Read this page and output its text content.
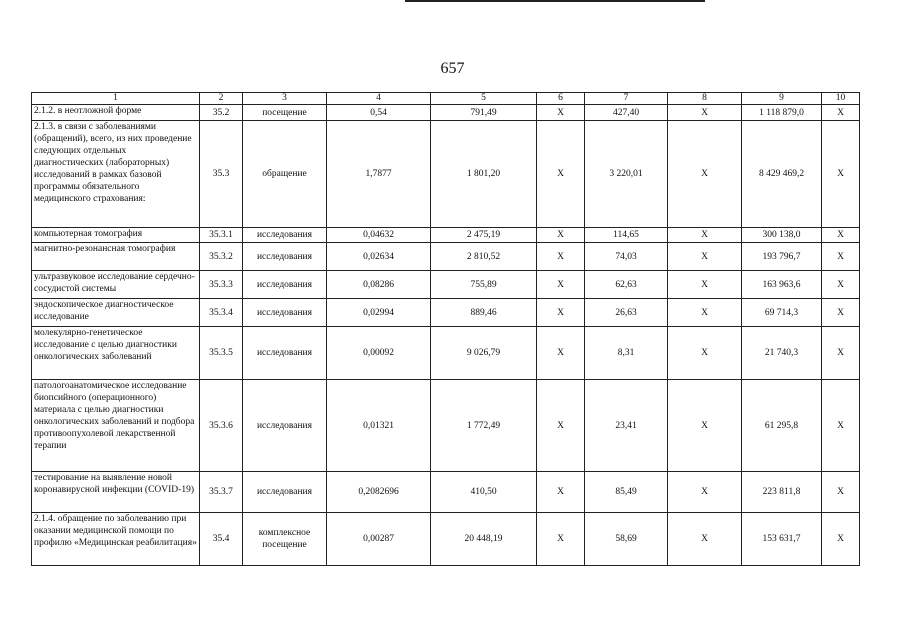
657
1	2	3	4	5	6	7	8	9	10
2.1.2. в неотложной форме	35.2	посещение	0,54	791,49	X	427,40	X	1 118 879,0	X
2.1.3. в связи с заболеваниями (обращений), всего, из них проведение следующих отдельных диагностических (лабораторных) исследований в рамках базовой программы обязательного медицинского страхования:	35.3	обращение	1,7877	1 801,20	X	3 220,01	X	8 429 469,2	X
компьютерная томография	35.3.1	исследования	0,04632	2 475,19	X	114,65	X	300 138,0	X
магнитно-резонансная томография	35.3.2	исследования	0,02634	2 810,52	X	74,03	X	193 796,7	X
ультразвуковое исследование сердечно-сосудистой системы	35.3.3	исследования	0,08286	755,89	X	62,63	X	163 963,6	X
эндоскопическое диагностическое исследование	35.3.4	исследования	0,02994	889,46	X	26,63	X	69 714,3	X
молекулярно-генетическое исследование с целью диагностики онкологических заболеваний	35.3.5	исследования	0,00092	9 026,79	X	8,31	X	21 740,3	X
патологоанатомическое исследование биопсийного (операционного) материала с целью диагностики онкологических заболеваний и подбора противоопухолевой лекарственной терапии	35.3.6	исследования	0,01321	1 772,49	X	23,41	X	61 295,8	X
тестирование на выявление новой коронавирусной инфекции (COVID-19)	35.3.7	исследования	0,2082696	410,50	X	85,49	X	223 811,8	X
2.1.4. обращение по заболеванию при оказании медицинской помощи по профилю «Медицинская реабилитация»	35.4	комплексное посещение	0,00287	20 448,19	X	58,69	X	153 631,7	X
